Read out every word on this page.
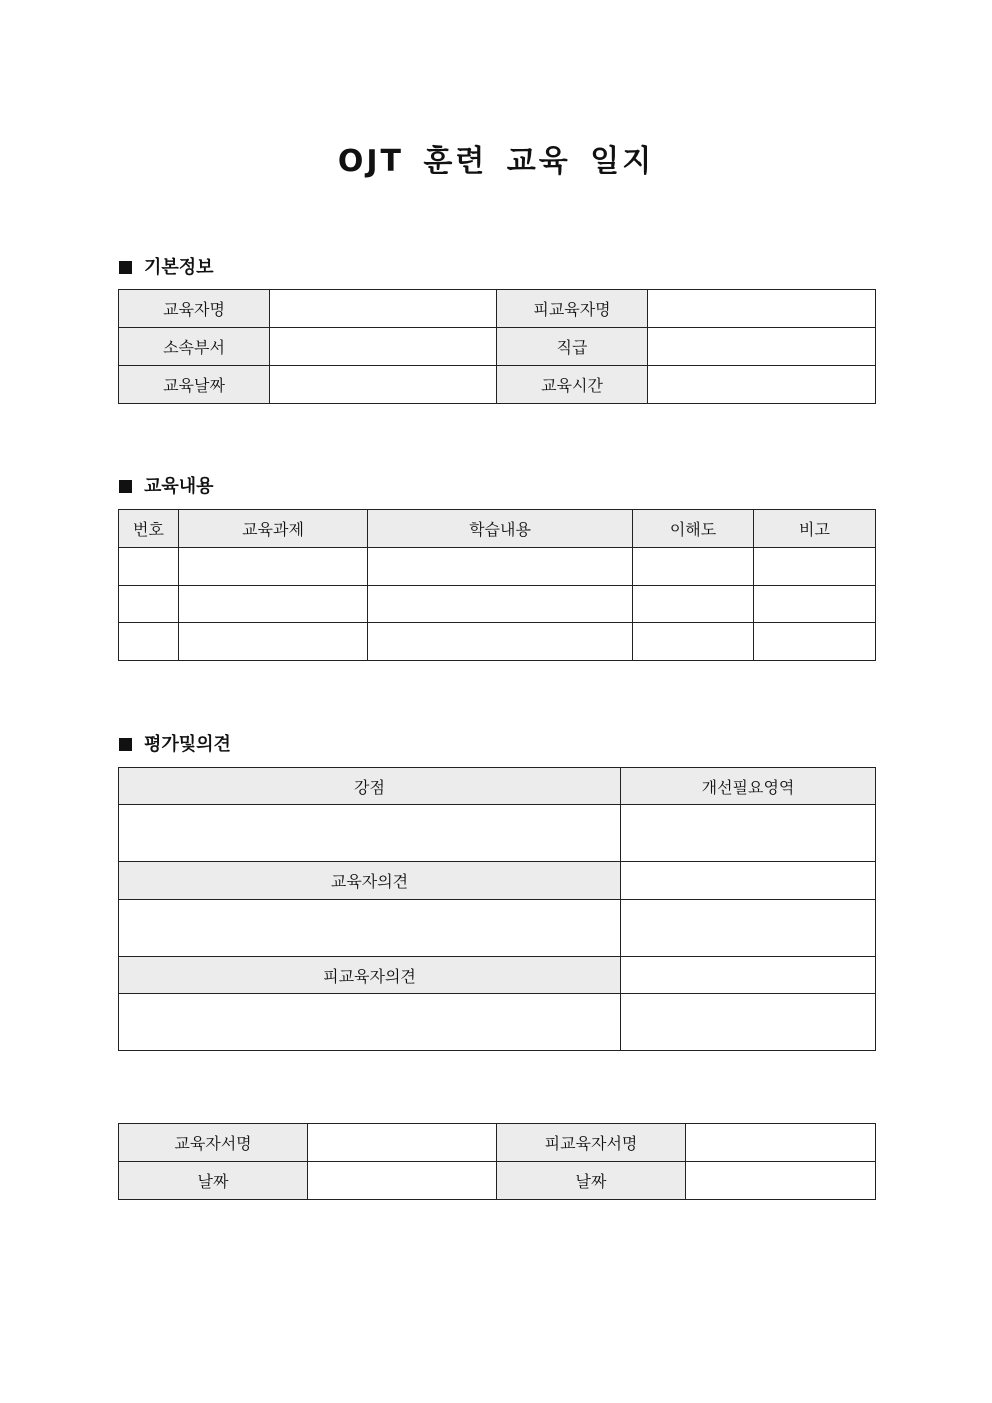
OJT 훈련 교육 일지
기본정보
교육자명		피교육자명	
소속부서		직급	
교육날짜		교육시간	
교육내용
번호	교육과제	학습내용	이해도	비고

평가및의견
강점	개선필요영역

교육자의견	

피교육자의견	

교육자서명		피교육자서명	
날짜		날짜	
